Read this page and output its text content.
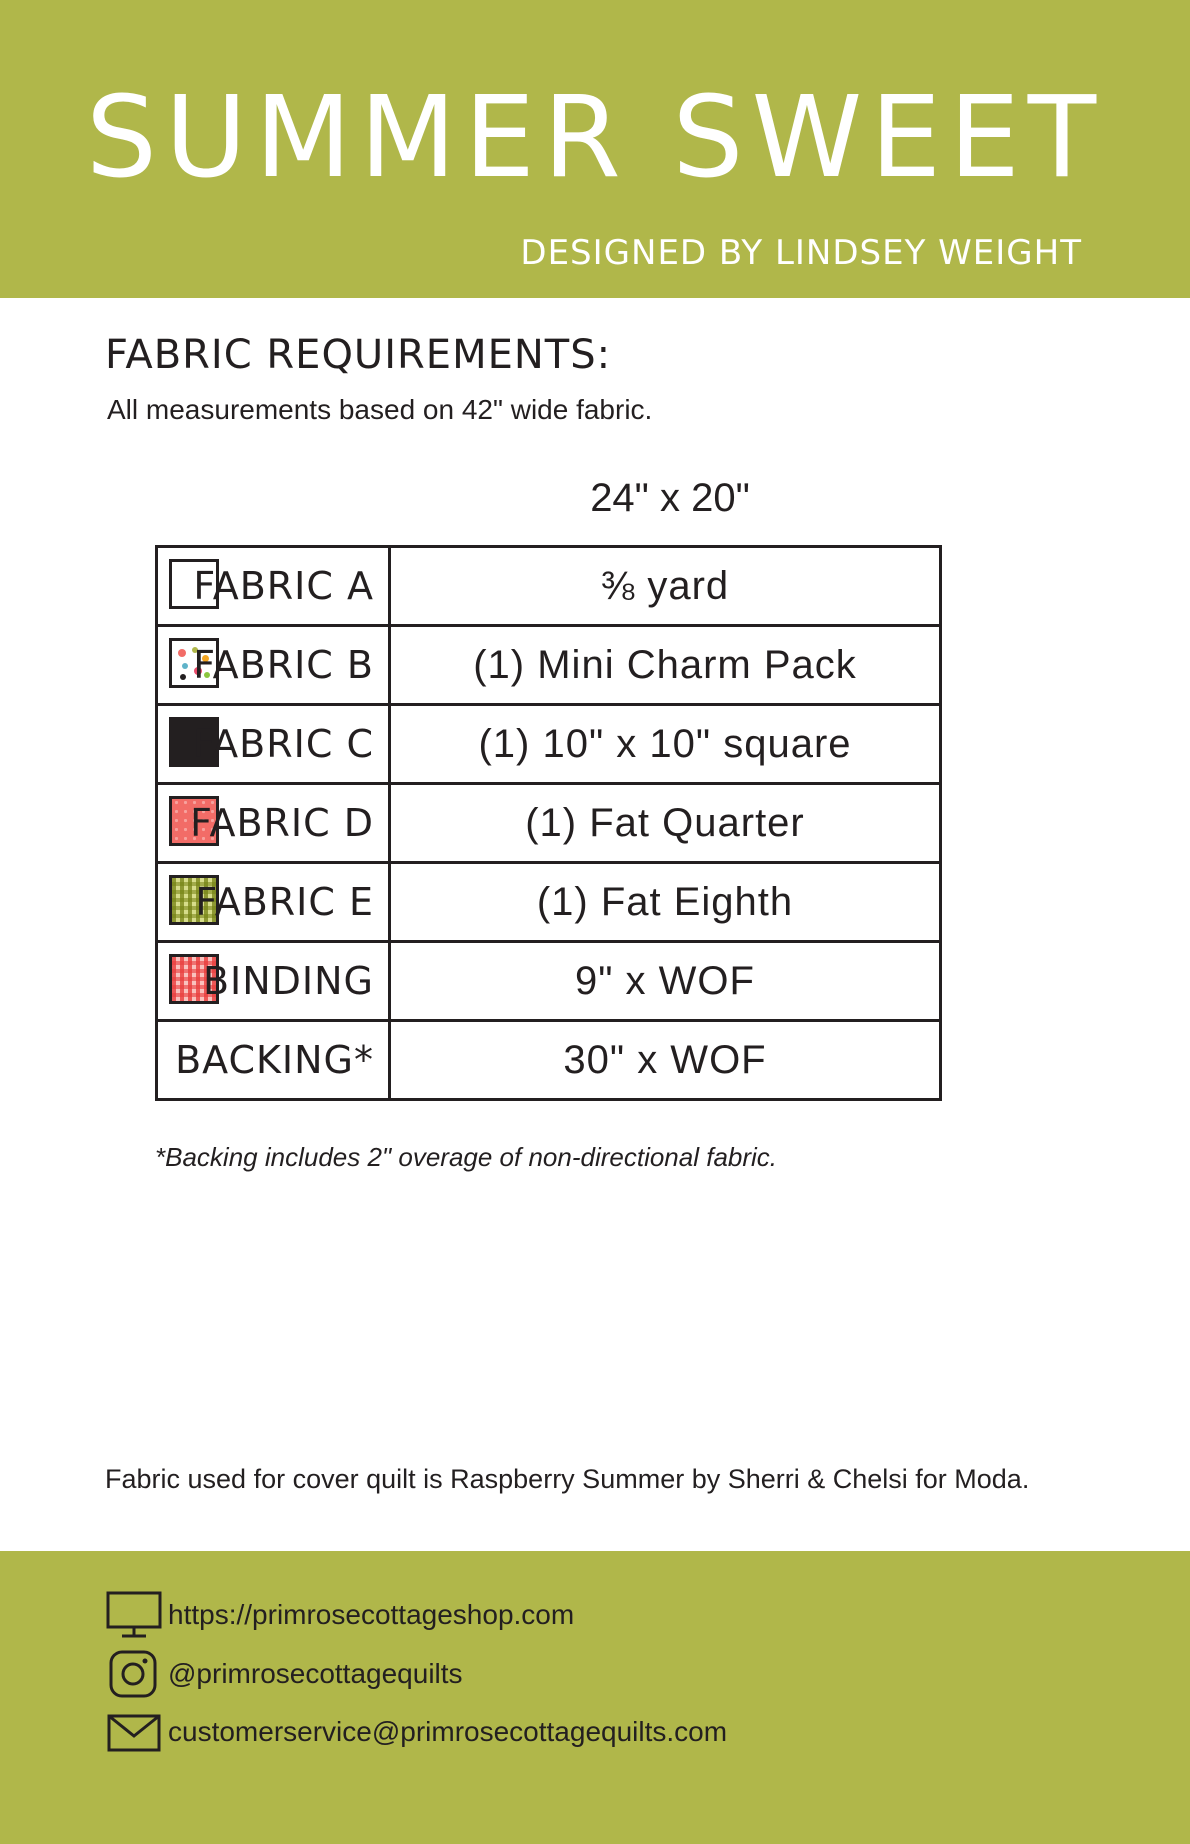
SUMMER SWEET
DESIGNED BY LINDSEY WEIGHT
FABRIC REQUIREMENTS:
All measurements based on 42" wide fabric.
24" x 20"
FABRIC A	⅜ yard

FABRIC B	(1) Mini Charm Pack

FABRIC C	(1) 10" x 10" square

FABRIC D	(1) Fat Quarter

FABRIC E	(1) Fat Eighth

BINDING	9" x WOF

BACKING*	30" x WOF
*Backing includes 2" overage of non-directional fabric.
Fabric used for cover quilt is Raspberry Summer by Sherri & Chelsi for Moda.
https://primrosecottageshop.com
@primrosecottagequilts
customerservice@primrosecottagequilts.com
